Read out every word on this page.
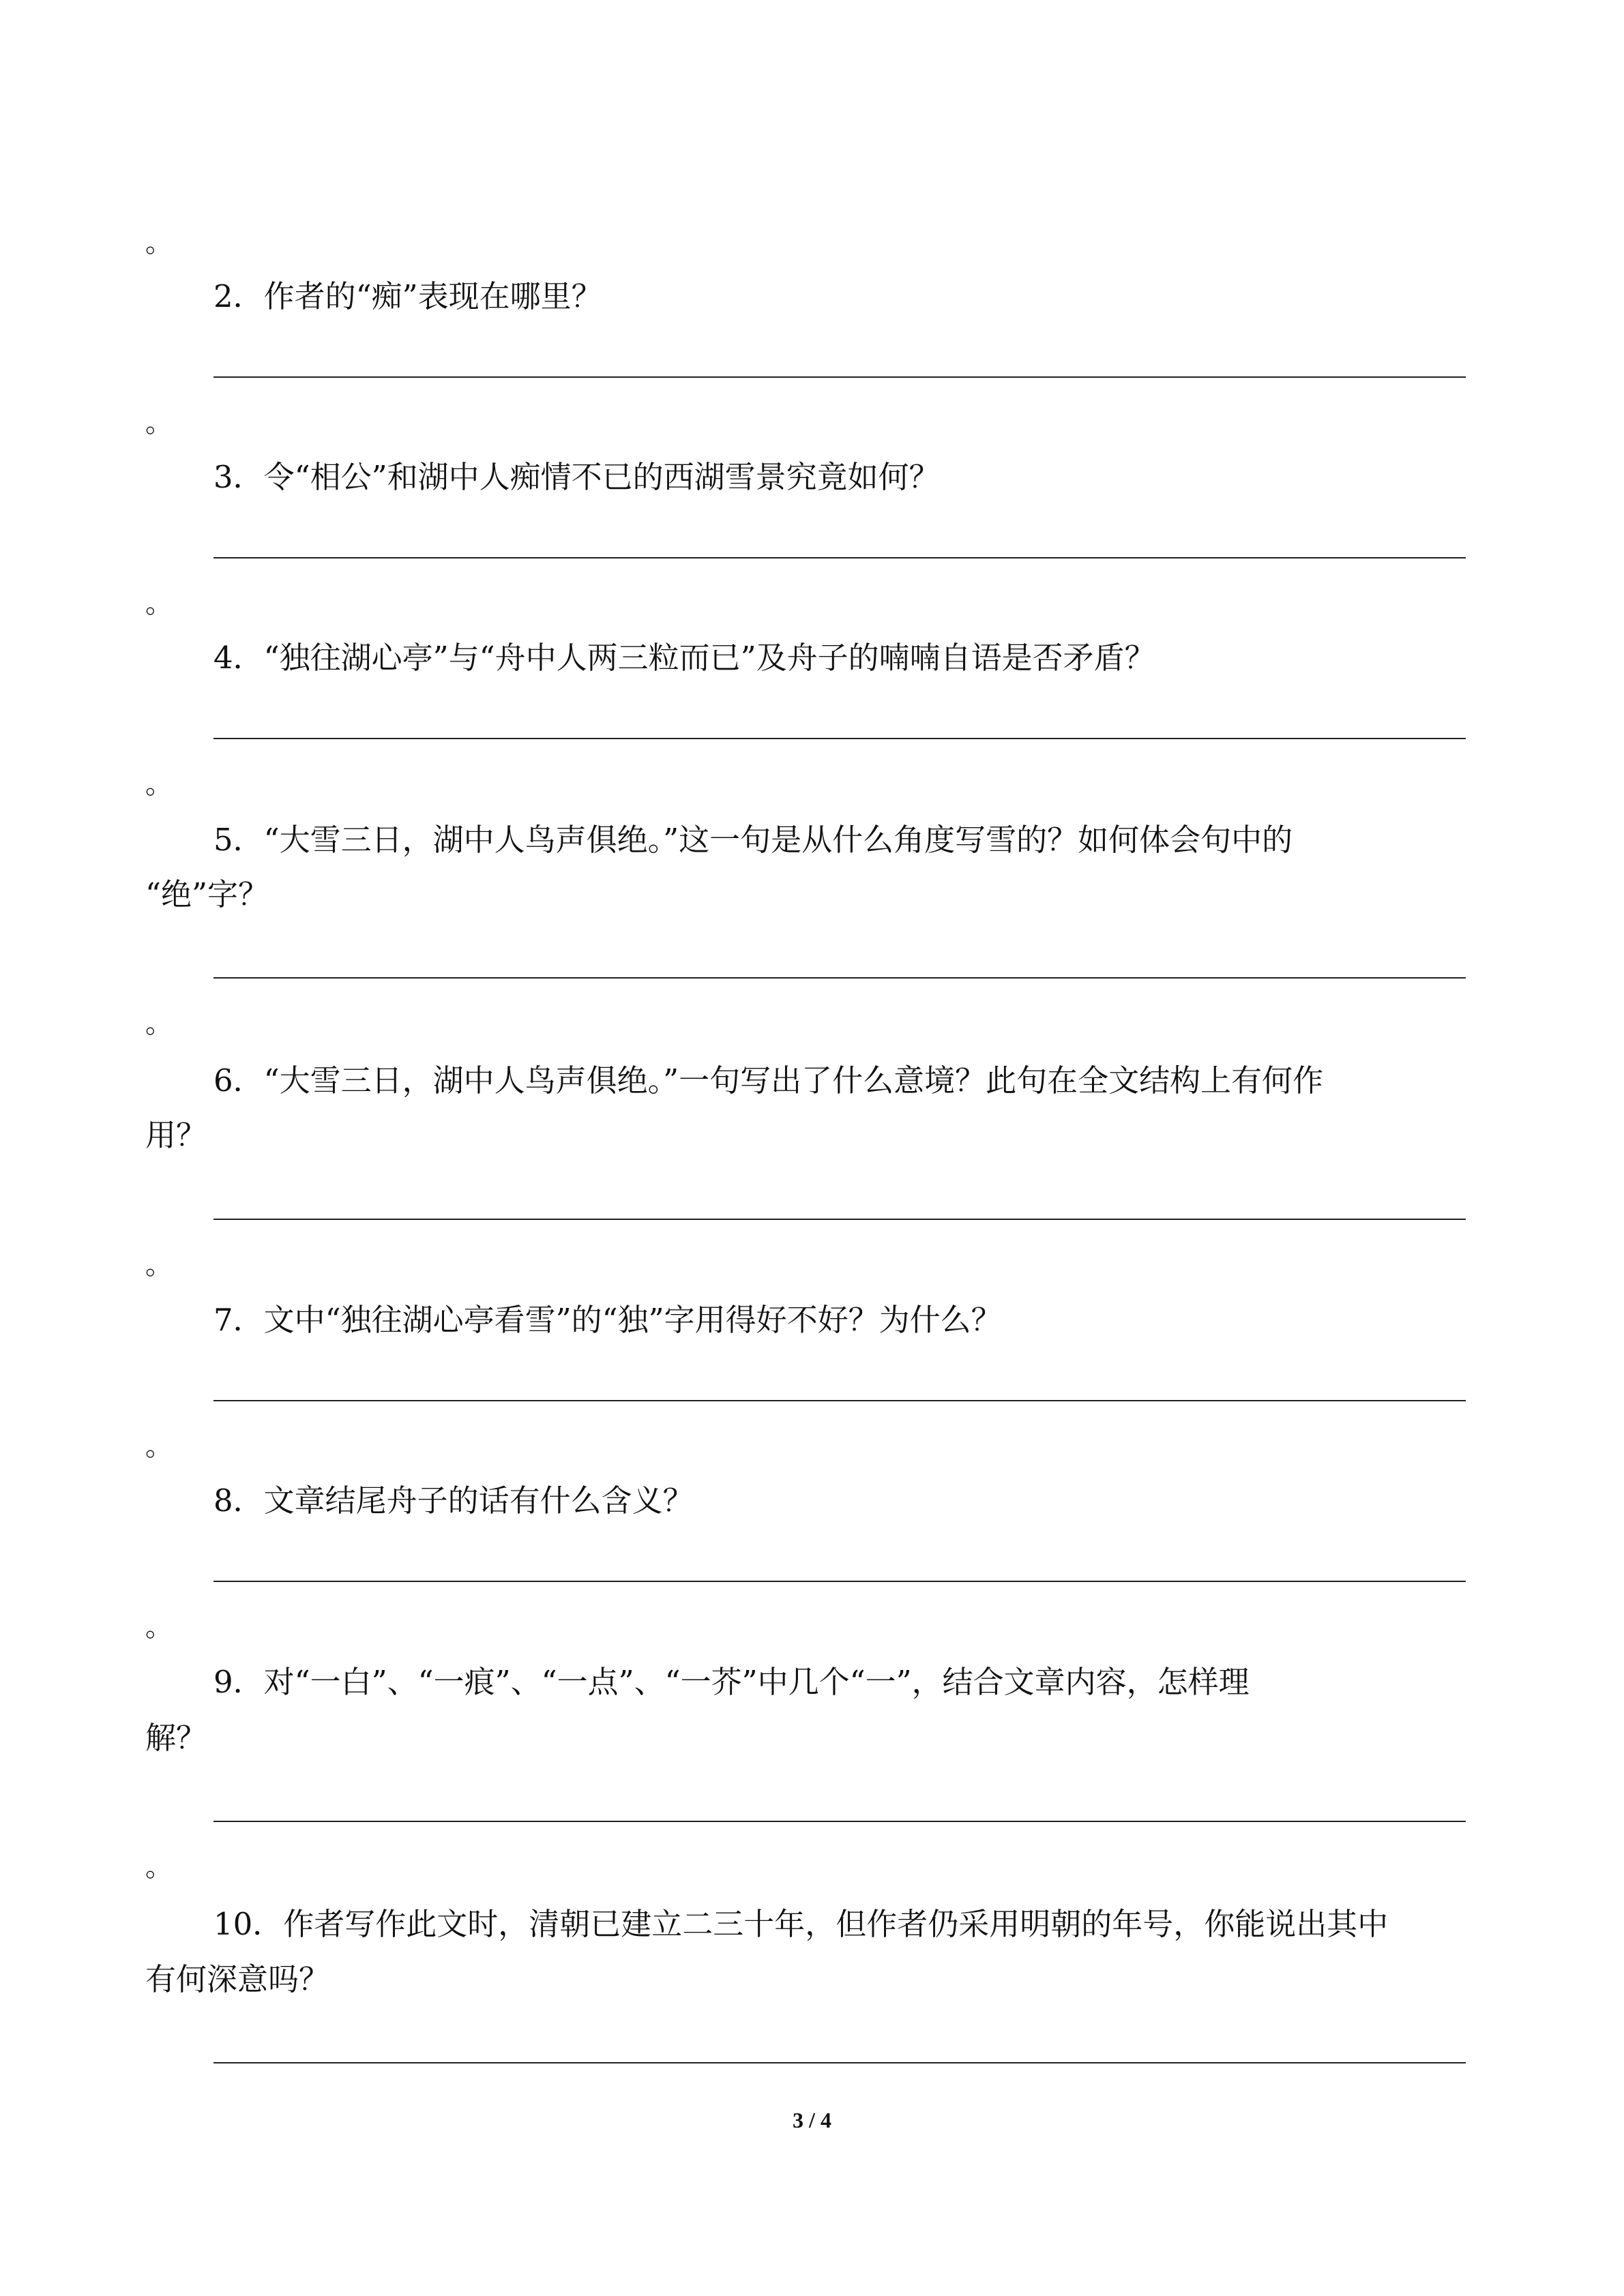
。
2．作者的“痴”表现在哪里？
。
3．令“相公”和湖中人痴情不已的西湖雪景究竟如何？
。
4．“独往湖心亭”与“舟中人两三粒而已”及舟子的喃喃自语是否矛盾？
。
5．“大雪三日，湖中人鸟声俱绝。”这一句是从什么角度写雪的？如何体会句中的
“绝”字？
。
6．“大雪三日，湖中人鸟声俱绝。”一句写出了什么意境？此句在全文结构上有何作
用？
。
7．文中“独往湖心亭看雪”的“独”字用得好不好？为什么？
。
8．文章结尾舟子的话有什么含义？
。
9．对“一白”、“一痕”、“一点”、“一芥”中几个“一”，结合文章内容，怎样理
解？
。
10．作者写作此文时，清朝已建立二三十年，但作者仍采用明朝的年号，你能说出其中
有何深意吗？
3 / 4
